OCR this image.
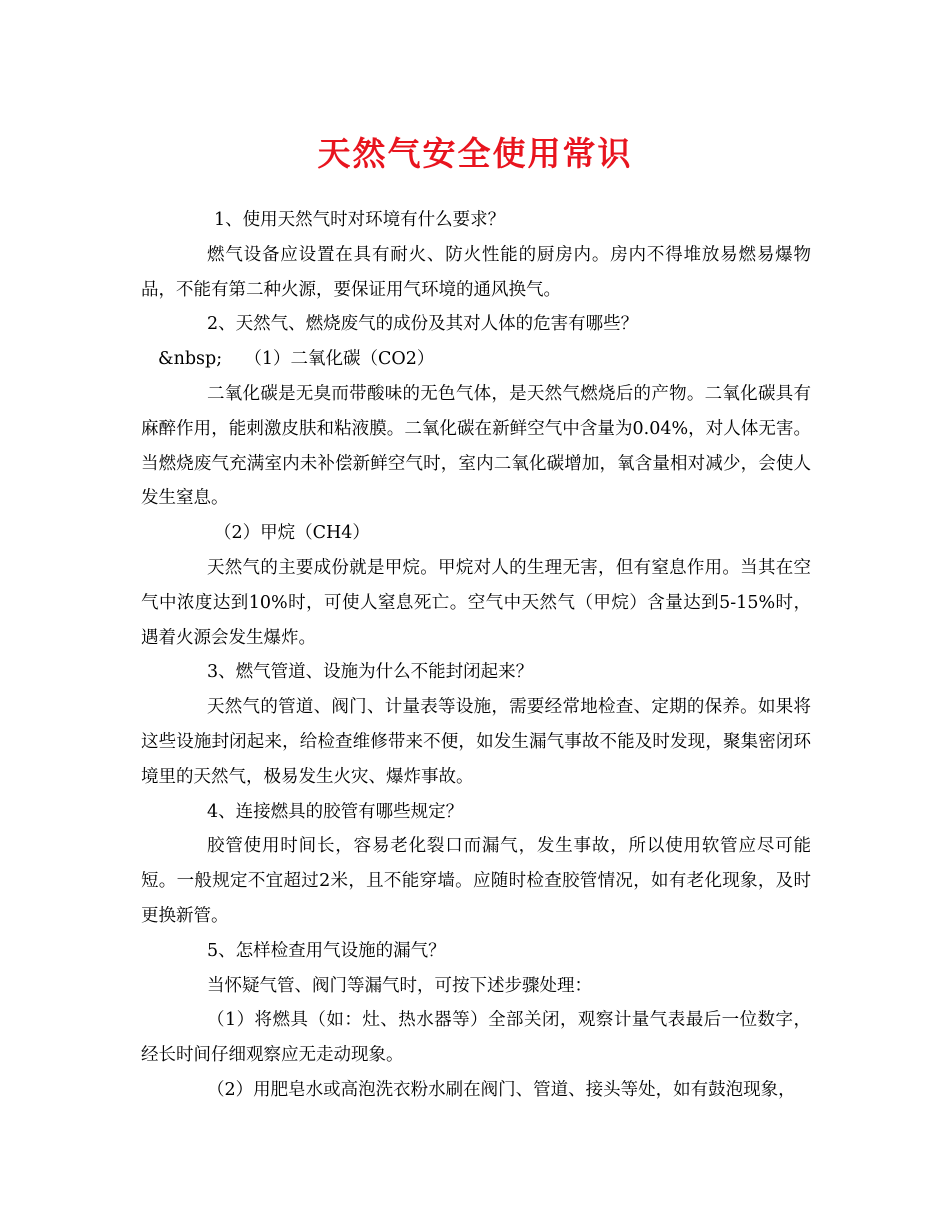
天然气安全使用常识

1、使用天然气时对环境有什么要求？

燃气设备应设置在具有耐火、防火性能的厨房内。房内不得堆放易燃易爆物品，不能有第二种火源，要保证用气环境的通风换气。

2、天然气、燃烧废气的成份及其对人体的危害有哪些？

&nbsp;    （1）二氧化碳（CO2）

二氧化碳是无臭而带酸味的无色气体，是天然气燃烧后的产物。二氧化碳具有麻醉作用，能刺激皮肤和粘液膜。二氧化碳在新鲜空气中含量为0.04%，对人体无害。当燃烧废气充满室内未补偿新鲜空气时，室内二氧化碳增加，氧含量相对减少，会使人发生窒息。

（2）甲烷（CH4）

天然气的主要成份就是甲烷。甲烷对人的生理无害，但有窒息作用。当其在空气中浓度达到10%时，可使人窒息死亡。空气中天然气（甲烷）含量达到5-15%时，遇着火源会发生爆炸。

3、燃气管道、设施为什么不能封闭起来？

天然气的管道、阀门、计量表等设施，需要经常地检查、定期的保养。如果将这些设施封闭起来，给检查维修带来不便，如发生漏气事故不能及时发现，聚集密闭环境里的天然气，极易发生火灾、爆炸事故。

4、连接燃具的胶管有哪些规定？

胶管使用时间长，容易老化裂口而漏气，发生事故，所以使用软管应尽可能短。一般规定不宜超过2米，且不能穿墙。应随时检查胶管情况，如有老化现象，及时更换新管。

5、怎样检查用气设施的漏气？

当怀疑气管、阀门等漏气时，可按下述步骤处理：

（1）将燃具（如：灶、热水器等）全部关闭，观察计量气表最后一位数字，经长时间仔细观察应无走动现象。

（2）用肥皂水或高泡洗衣粉水刷在阀门、管道、接头等处，如有鼓泡现象，
